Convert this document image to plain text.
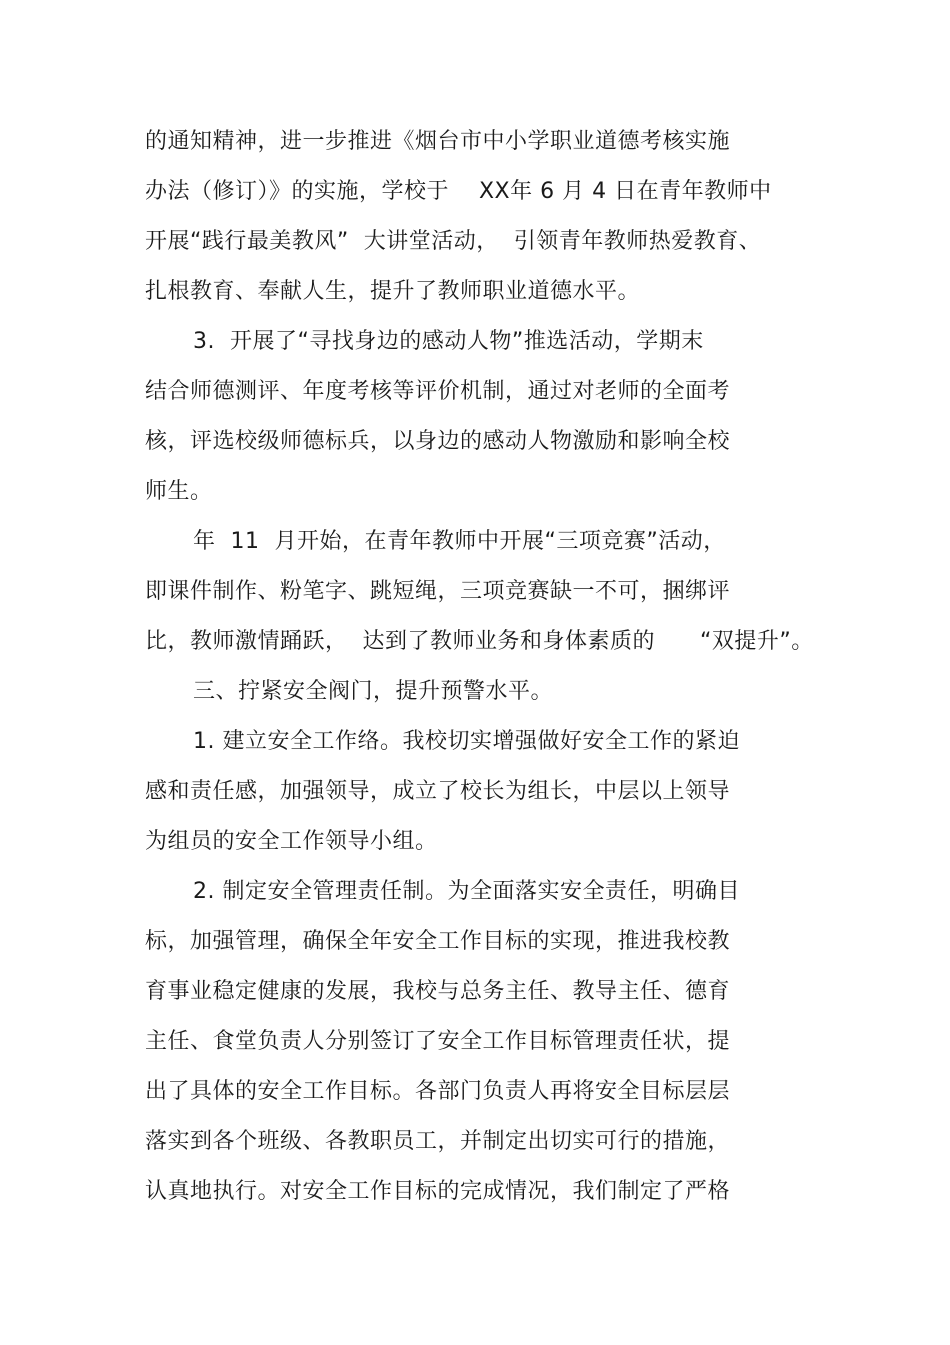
的通知精神，进一步推进《烟台市中小学职业道德考核实施
办法（修订）》的实施，学校于    XX年 6 月 4 日在青年教师中
开展“践行最美教风”  大讲堂活动，  引领青年教师热爱教育、
扎根教育、奉献人生，提升了教师职业道德水平。
3.  开展了“寻找身边的感动人物”推选活动，学期末
结合师德测评、年度考核等评价机制，通过对老师的全面考
核，评选校级师德标兵，以身边的感动人物激励和影响全校
师生。
年  11  月开始，在青年教师中开展“三项竞赛”活动，
即课件制作、粉笔字、跳短绳，三项竞赛缺一不可，捆绑评
比，教师激情踊跃，  达到了教师业务和身体素质的      “双提升”。
三、拧紧安全阀门，提升预警水平。
1. 建立安全工作络。我校切实增强做好安全工作的紧迫
感和责任感，加强领导，成立了校长为组长，中层以上领导
为组员的安全工作领导小组。
2. 制定安全管理责任制。为全面落实安全责任，明确目
标，加强管理，确保全年安全工作目标的实现，推进我校教
育事业稳定健康的发展，我校与总务主任、教导主任、德育
主任、食堂负责人分别签订了安全工作目标管理责任状，提
出了具体的安全工作目标。各部门负责人再将安全目标层层
落实到各个班级、各教职员工，并制定出切实可行的措施，
认真地执行。对安全工作目标的完成情况，我们制定了严格
